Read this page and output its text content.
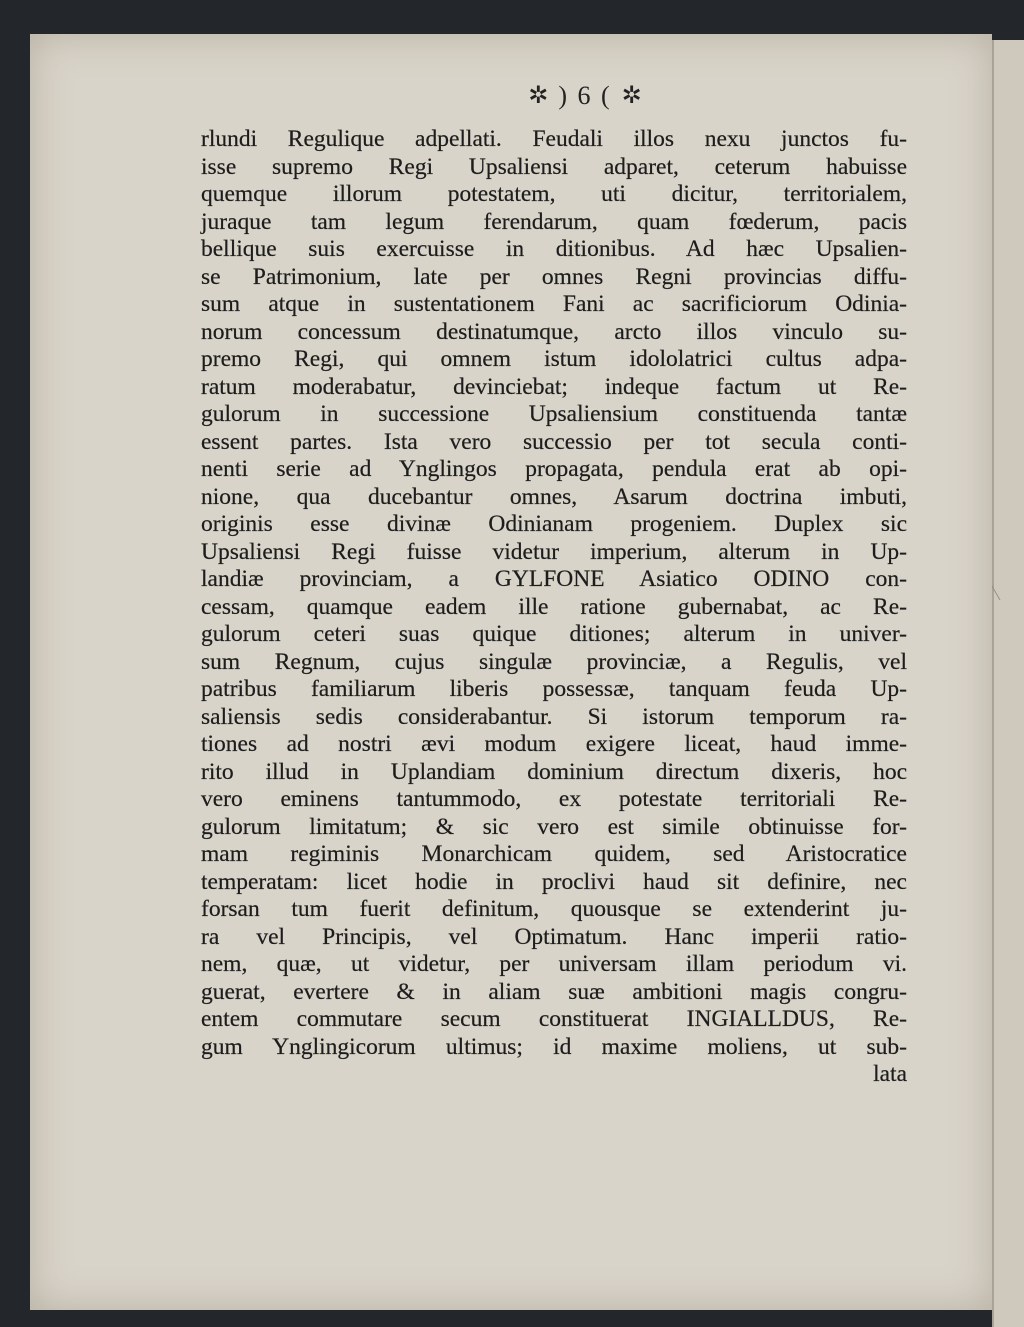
✲ ) 6 ( ✲
rlundi Regulique adpellati. Feudali illos nexu junctos fu-
isse supremo Regi Upsaliensi adparet, ceterum habuisse
quemque illorum potestatem, uti dicitur, territorialem,
juraque tam legum ferendarum, quam fœderum, pacis
bellique suis exercuisse in ditionibus. Ad hæc Upsalien-
se Patrimonium, late per omnes Regni provincias diffu-
sum atque in sustentationem Fani ac sacrificiorum Odinia-
norum concessum destinatumque, arcto illos vinculo su-
premo Regi, qui omnem istum idololatrici cultus adpa-
ratum moderabatur, devinciebat; indeque factum ut Re-
gulorum in successione Upsaliensium constituenda tantæ
essent partes. Ista vero successio per tot secula conti-
nenti serie ad Ynglingos propagata, pendula erat ab opi-
nione, qua ducebantur omnes, Asarum doctrina imbuti,
originis esse divinæ Odinianam progeniem. Duplex sic
Upsaliensi Regi fuisse videtur imperium, alterum in Up-
landiæ provinciam, a GYLFONE Asiatico ODINO con-
cessam, quamque eadem ille ratione gubernabat, ac Re-
gulorum ceteri suas quique ditiones; alterum in univer-
sum Regnum, cujus singulæ provinciæ, a Regulis, vel
patribus familiarum liberis possessæ, tanquam feuda Up-
saliensis sedis considerabantur. Si istorum temporum ra-
tiones ad nostri ævi modum exigere liceat, haud imme-
rito illud in Uplandiam dominium directum dixeris, hoc
vero eminens tantummodo, ex potestate territoriali Re-
gulorum limitatum; & sic vero est simile obtinuisse for-
mam regiminis Monarchicam quidem, sed Aristocratice
temperatam: licet hodie in proclivi haud sit definire, nec
forsan tum fuerit definitum, quousque se extenderint ju-
ra vel Principis, vel Optimatum. Hanc imperii ratio-
nem, quæ, ut videtur, per universam illam periodum vi.
guerat, evertere & in aliam suæ ambitioni magis congru-
entem commutare secum constituerat INGIALLDUS, Re-
gum Ynglingicorum ultimus; id maxime moliens, ut sub-
lata
